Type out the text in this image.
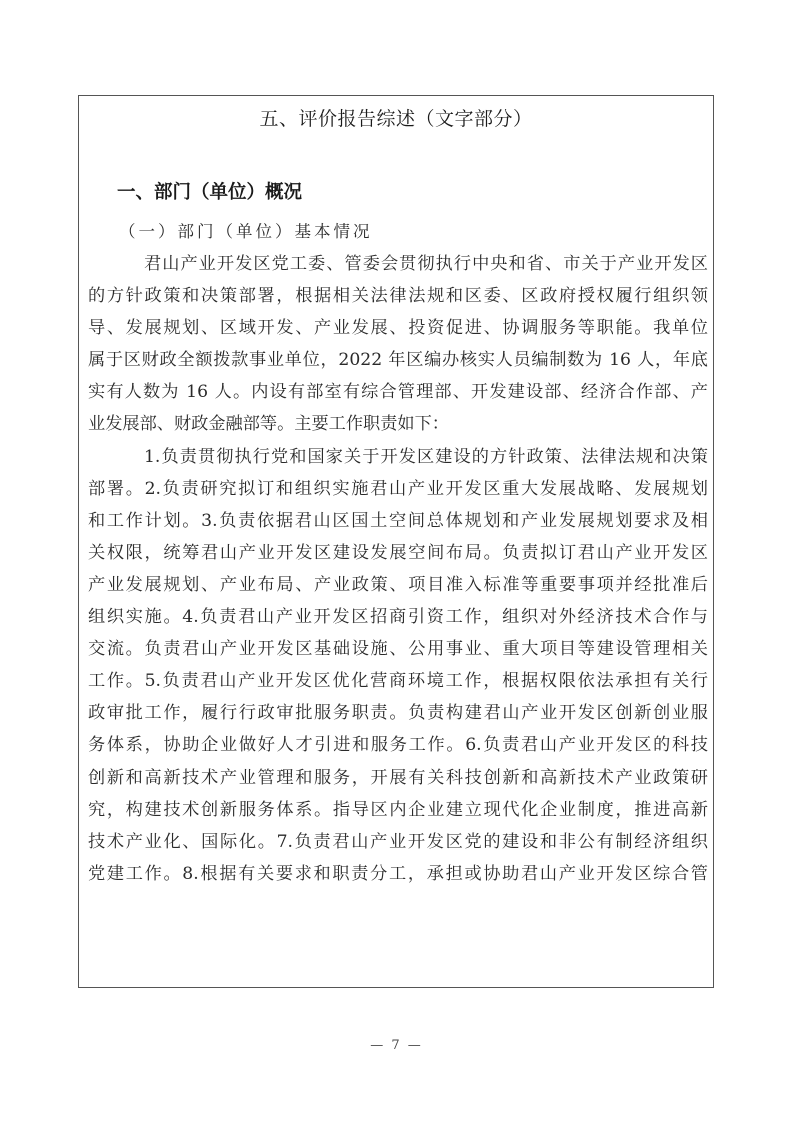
五、评价报告综述（文字部分）
一、部门（单位）概况
（一）部门（单位）基本情况
君山产业开发区党工委、管委会贯彻执行中央和省、市关于产业开发区
的方针政策和决策部署，根据相关法律法规和区委、区政府授权履行组织领
导、发展规划、区域开发、产业发展、投资促进、协调服务等职能。我单位
属于区财政全额拨款事业单位，2022 年区编办核实人员编制数为 16 人，年底
实有人数为 16 人。内设有部室有综合管理部、开发建设部、经济合作部、产
业发展部、财政金融部等。主要工作职责如下：
1.负责贯彻执行党和国家关于开发区建设的方针政策、法律法规和决策
部署。2.负责研究拟订和组织实施君山产业开发区重大发展战略、发展规划
和工作计划。3.负责依据君山区国土空间总体规划和产业发展规划要求及相
关权限，统筹君山产业开发区建设发展空间布局。负责拟订君山产业开发区
产业发展规划、产业布局、产业政策、项目准入标准等重要事项并经批准后
组织实施。4.负责君山产业开发区招商引资工作，组织对外经济技术合作与
交流。负责君山产业开发区基础设施、公用事业、重大项目等建设管理相关
工作。5.负责君山产业开发区优化营商环境工作，根据权限依法承担有关行
政审批工作，履行行政审批服务职责。负责构建君山产业开发区创新创业服
务体系，协助企业做好人才引进和服务工作。6.负责君山产业开发区的科技
创新和高新技术产业管理和服务，开展有关科技创新和高新技术产业政策研
究，构建技术创新服务体系。指导区内企业建立现代化企业制度，推进高新
技术产业化、国际化。7.负责君山产业开发区党的建设和非公有制经济组织
党建工作。8.根据有关要求和职责分工，承担或协助君山产业开发区综合管
— 7 —
